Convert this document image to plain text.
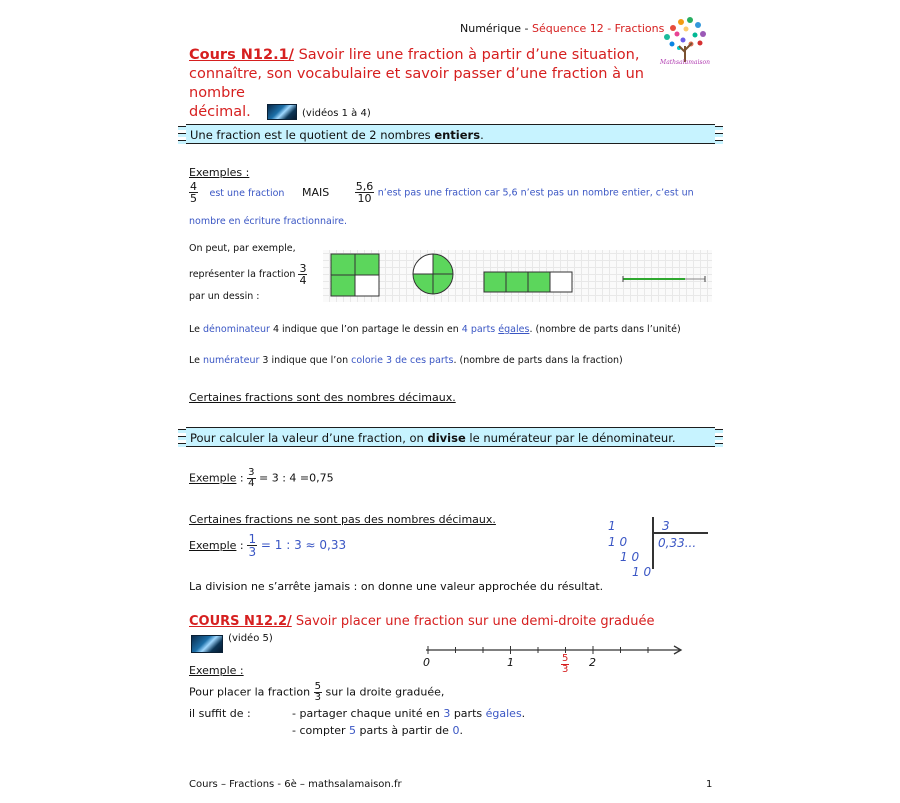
Numérique - Séquence 12 - Fractions
Mathsalamaison
Cours N12.1/ Savoir lire une fraction à partir d’une situation,
connaître, son vocabulaire et savoir passer d’une fraction à un nombre
décimal.	(vidéos 1 à 4)
Une fraction est le quotient de 2 nombres entiers.
Exemples :
$\frac{4}{5}$ est une fraction MAIS $\frac{5,6}{10}$ n’est pas une fraction car 5,6 n’est pas un nombre entier, c’est un
nombre en écriture fractionnaire.
On peut, par exemple,
représenter la fraction $\frac{3}{4}$
par un dessin :
Le dénominateur 4 indique que l’on partage le dessin en 4 parts égales. (nombre de parts dans l’unité)
Le numérateur 3 indique que l’on colorie 3 de ces parts. (nombre de parts dans la fraction)
Certaines fractions sont des nombres décimaux.
Pour calculer la valeur d’une fraction, on divise le numérateur par le dénominateur.
Exemple : $\frac{3}{4} = 3$ : 4 =0,75
Certaines fractions ne sont pas des nombres décimaux.
Exemple : $\frac{1}{3} = 1$ : 3 ≈ 0,33
1	3
1 0	0,33...
1 0
1 0
La division ne s’arrête jamais : on donne une valeur approchée du résultat.
COURS N12.2/ Savoir placer une fraction sur une demi-droite graduée
$^{(vidéo 5)}$
Exemple :
Pour placer la fraction $\frac{5}{3}$ sur la droite graduée,
il suffit de :	- partager chaque unité en 3 parts égales.
- compter 5 parts à partir de 0.
0	1	2
$\frac{5}{3}$
Cours – Fractions - 6è – mathsalamaison.fr	1
